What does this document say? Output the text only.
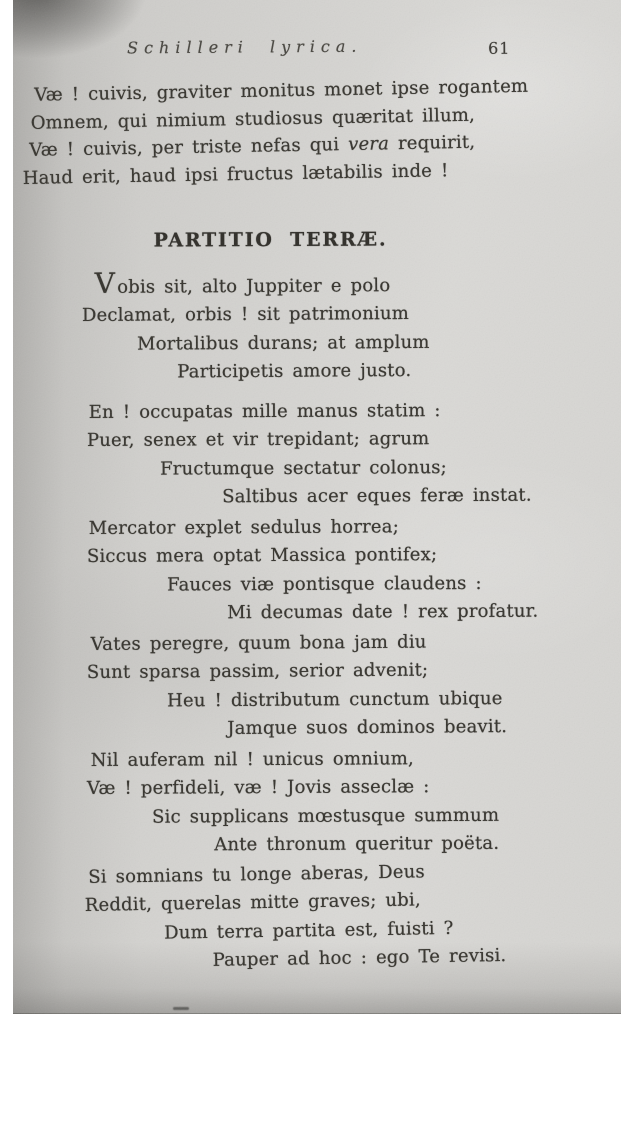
Schilleri lyrica.	61
Væ ! cuivis, graviter monitus monet ipse rogantem
Omnem, qui nimium studiosus quæritat illum,
Væ ! cuivis, per triste nefas qui vera requirit,
Haud erit, haud ipsi fructus lætabilis inde !
PARTITIO TERRÆ.
Vobis sit, alto Juppiter e polo
Declamat, orbis ! sit patrimonium
Mortalibus durans; at amplum
Participetis amore justo.
En ! occupatas mille manus statim :
Puer, senex et vir trepidant; agrum
Fructumque sectatur colonus;
Saltibus acer eques feræ instat.
Mercator explet sedulus horrea;
Siccus mera optat Massica pontifex;
Fauces viæ pontisque claudens :
Mi decumas date ! rex profatur.
Vates peregre, quum bona jam diu
Sunt sparsa passim, serior advenit;
Heu ! distributum cunctum ubique
Jamque suos dominos beavit.
Nil auferam nil ! unicus omnium,
Væ ! perfideli, væ ! Jovis asseclæ :
Sic supplicans mœstusque summum
Ante thronum queritur poëta.
Si somnians tu longe aberas, Deus
Reddit, querelas mitte graves; ubi,
Dum terra partita est, fuisti ?
Pauper ad hoc : ego Te revisi.
